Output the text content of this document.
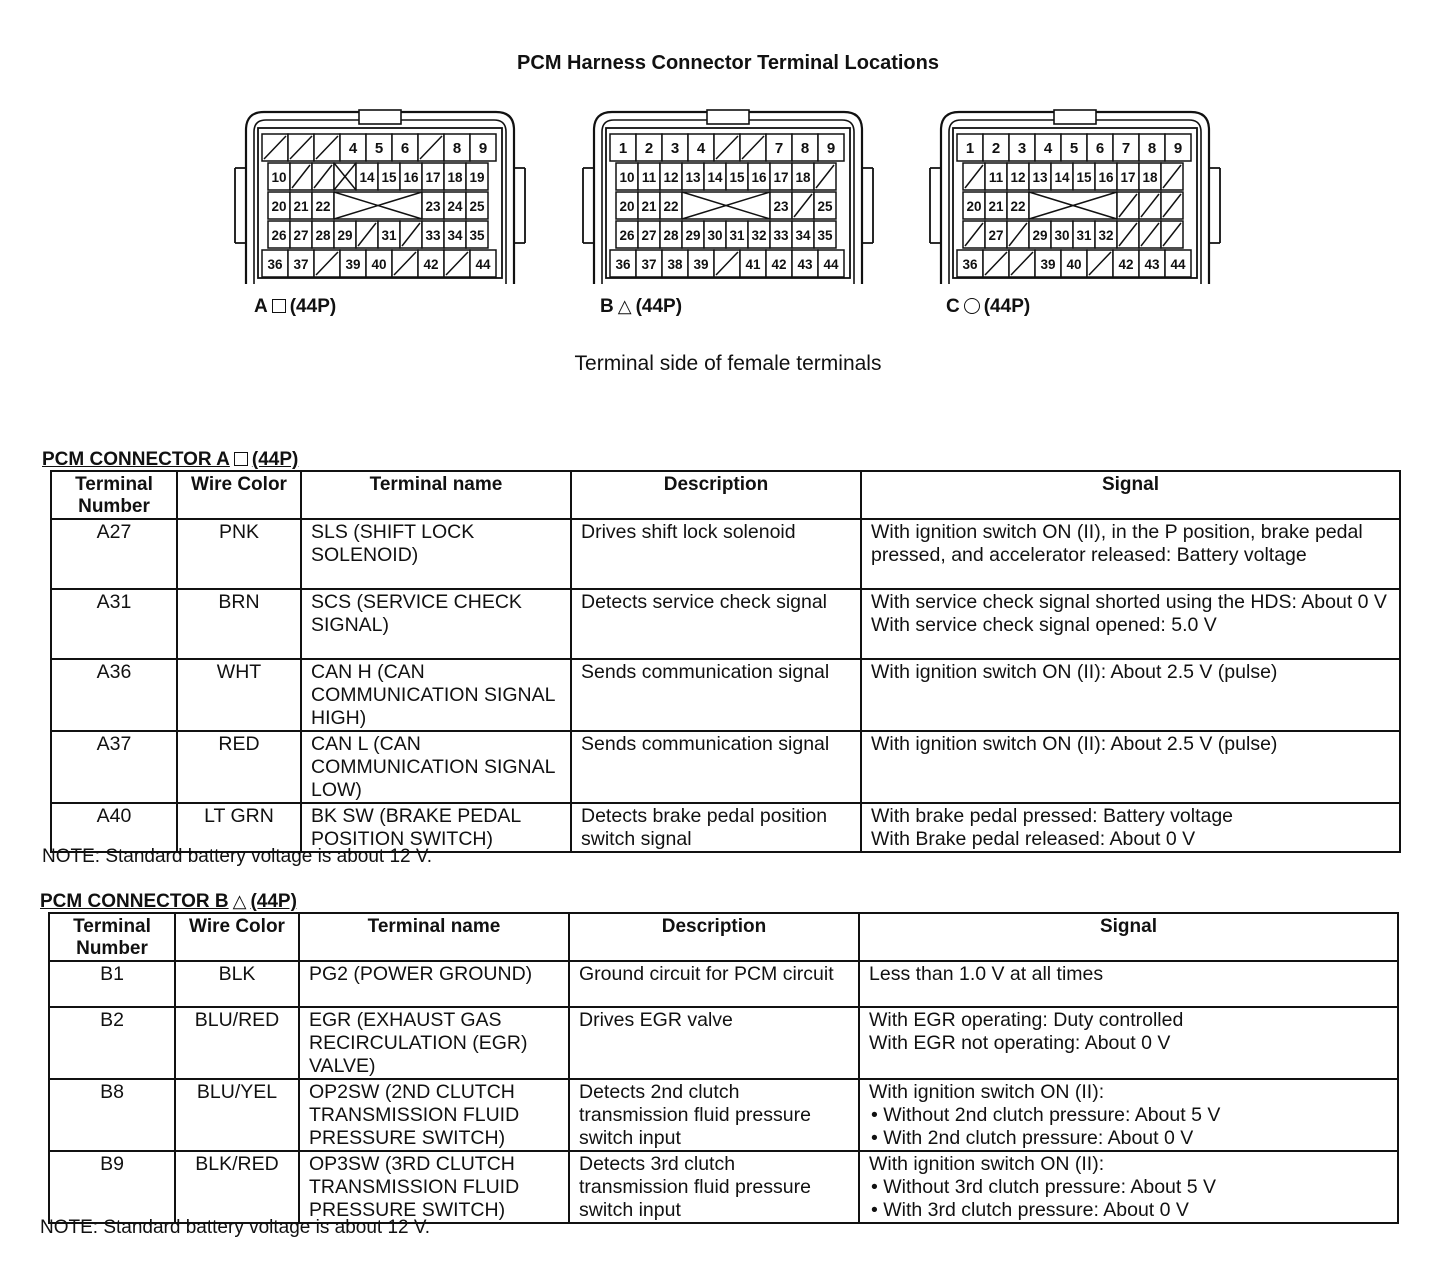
PCM Harness Connector Terminal Locations
4 5 6	8 9
10	14 15 16 17 18 19
20 21 22	23 24 25
26 27 28 29 31 33 34 35
36 37	39 40	42	44
1 2 3 4	7 8 9
10 11 12 13 14 15 16 17 18
20 21 22	23 25
26 27 28 29 30 31 32 33 34 35
36 37 38 39	41 42 43 44
1 2 3 4 5 6 7 8 9
11 12 13 14 15 16 17 18
20 21 22
27 29 30 31 32
36	39 40	42 43 44
A (44P)	B △ (44P)	C (44P)
Terminal side of female terminals
PCM CONNECTOR A (44P)
Terminal Number	Wire Color	Terminal name	Description	Signal
A27	PNK	SLS (SHIFT LOCK SOLENOID)	Drives shift lock solenoid	With ignition switch ON (II), in the P position, brake pedal pressed, and accelerator released: Battery voltage

A31	BRN	SCS (SERVICE CHECK SIGNAL)	Detects service check signal	With service check signal shorted using the HDS: About 0 V
With service check signal opened: 5.0 V

A36	WHT	CAN H (CAN COMMUNICATION SIGNAL HIGH)	Sends communication signal	With ignition switch ON (II): About 2.5 V (pulse)

A37	RED	CAN L (CAN COMMUNICATION SIGNAL LOW)	Sends communication signal	With ignition switch ON (II): About 2.5 V (pulse)

A40	LT GRN	BK SW (BRAKE PEDAL POSITION SWITCH)	Detects brake pedal position switch signal	With brake pedal pressed: Battery voltage
With Brake pedal released: About 0 V
NOTE: Standard battery voltage is about 12 V.
PCM CONNECTOR B △ (44P)
Terminal Number	Wire Color	Terminal name	Description	Signal
B1	BLK	PG2 (POWER GROUND)	Ground circuit for PCM circuit	Less than 1.0 V at all times

B2	BLU/RED	EGR (EXHAUST GAS RECIRCULATION (EGR) VALVE)	Drives EGR valve	With EGR operating: Duty controlled
With EGR not operating: About 0 V

B8	BLU/YEL	OP2SW (2ND CLUTCH TRANSMISSION FLUID PRESSURE SWITCH)	Detects 2nd clutch transmission fluid pressure switch input	With ignition switch ON (II):
• Without 2nd clutch pressure: About 5 V
• With 2nd clutch pressure: About 0 V

B9	BLK/RED	OP3SW (3RD CLUTCH TRANSMISSION FLUID PRESSURE SWITCH)	Detects 3rd clutch transmission fluid pressure switch input	With ignition switch ON (II):
• Without 3rd clutch pressure: About 5 V
• With 3rd clutch pressure: About 0 V
NOTE: Standard battery voltage is about 12 V.
